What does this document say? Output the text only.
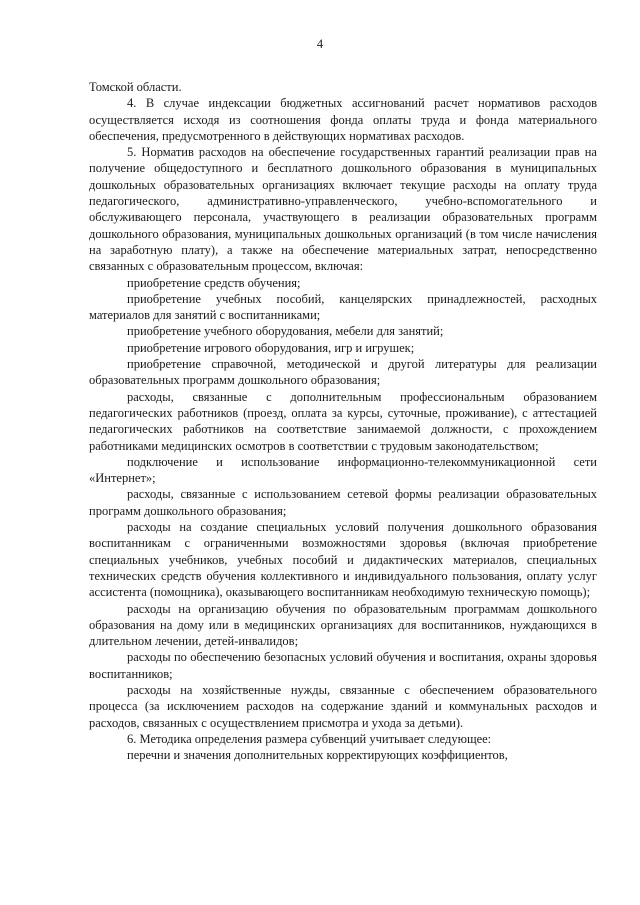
4

Томской области.

4. В случае индексации бюджетных ассигнований расчет нормативов расходов осуществляется исходя из соотношения фонда оплаты труда и фонда материального обеспечения, предусмотренного в действующих нормативах расходов.

5. Норматив расходов на обеспечение государственных гарантий реализации прав на получение общедоступного и бесплатного дошкольного образования в муниципальных дошкольных образовательных организациях включает текущие расходы на оплату труда педагогического, административно-управленческого, учебно-вспомогательного и обслуживающего персонала, участвующего в реализации образовательных программ дошкольного образования, муниципальных дошкольных организаций (в том числе начисления на заработную плату), а также на обеспечение материальных затрат, непосредственно связанных с образовательным процессом, включая:

приобретение средств обучения;

приобретение учебных пособий, канцелярских принадлежностей, расходных материалов для занятий с воспитанниками;

приобретение учебного оборудования, мебели для занятий;

приобретение игрового оборудования, игр и игрушек;

приобретение справочной, методической и другой литературы для реализации образовательных программ дошкольного образования;

расходы, связанные с дополнительным профессиональным образованием педагогических работников (проезд, оплата за курсы, суточные, проживание), с аттестацией педагогических работников на соответствие занимаемой должности, с прохождением работниками медицинских осмотров в соответствии с трудовым законодательством;

подключение и использование информационно-телекоммуникационной сети «Интернет»;

расходы, связанные с использованием сетевой формы реализации образовательных программ дошкольного образования;

расходы на создание специальных условий получения дошкольного образования воспитанникам с ограниченными возможностями здоровья (включая приобретение специальных учебников, учебных пособий и дидактических материалов, специальных технических средств обучения коллективного и индивидуального пользования, оплату услуг ассистента (помощника), оказывающего воспитанникам необходимую техническую помощь);

расходы на организацию обучения по образовательным программам дошкольного образования на дому или в медицинских организациях для воспитанников, нуждающихся в длительном лечении, детей-инвалидов;

расходы по обеспечению безопасных условий обучения и воспитания, охраны здоровья воспитанников;

расходы на хозяйственные нужды, связанные с обеспечением образовательного процесса (за исключением расходов на содержание зданий и коммунальных расходов и расходов, связанных с осуществлением присмотра и ухода за детьми).

6. Методика определения размера субвенций учитывает следующее:

перечни и значения дополнительных корректирующих коэффициентов,
